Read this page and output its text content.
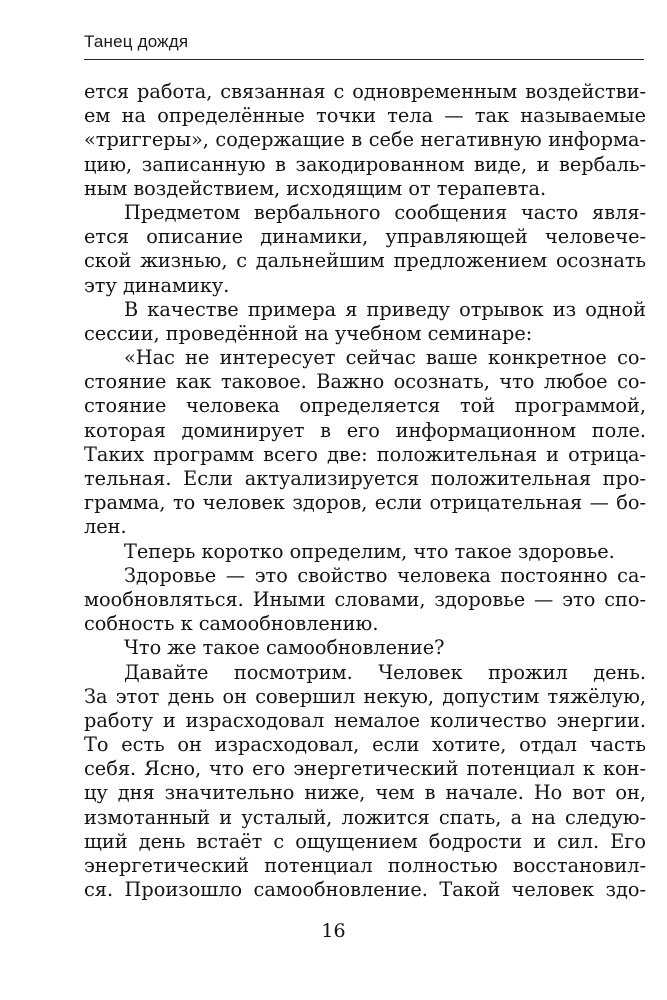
Танец дождя
ется работа, связанная с одновременным воздействи-
ем на определённые точки тела — так называемые
«триггеры», содержащие в себе негативную информа-
цию, записанную в закодированном виде, и вербаль-
ным воздействием, исходящим от терапевта.
Предметом вербального сообщения часто явля-
ется описание динамики, управляющей человече-
ской жизнью, с дальнейшим предложением осознать
эту динамику.
В качестве примера я приведу отрывок из одной
сессии, проведённой на учебном семинаре:
«Нас не интересует сейчас ваше конкретное со-
стояние как таковое. Важно осознать, что любое со-
стояние человека определяется той программой,
которая доминирует в его информационном поле.
Таких программ всего две: положительная и отрица-
тельная. Если актуализируется положительная про-
грамма, то человек здоров, если отрицательная — бо-
лен.
Теперь коротко определим, что такое здоровье.
Здоровье — это свойство человека постоянно са-
мообновляться. Иными словами, здоровье — это спо-
собность к самообновлению.
Что же такое самообновление?
Давайте посмотрим. Человек прожил день.
За этот день он совершил некую, допустим тяжёлую,
работу и израсходовал немалое количество энергии.
То есть он израсходовал, если хотите, отдал часть
себя. Ясно, что его энергетический потенциал к кон-
цу дня значительно ниже, чем в начале. Но вот он,
измотанный и усталый, ложится спать, а на следую-
щий день встаёт с ощущением бодрости и сил. Его
энергетический потенциал полностью восстановил-
ся. Произошло самообновление. Такой человек здо-
16
